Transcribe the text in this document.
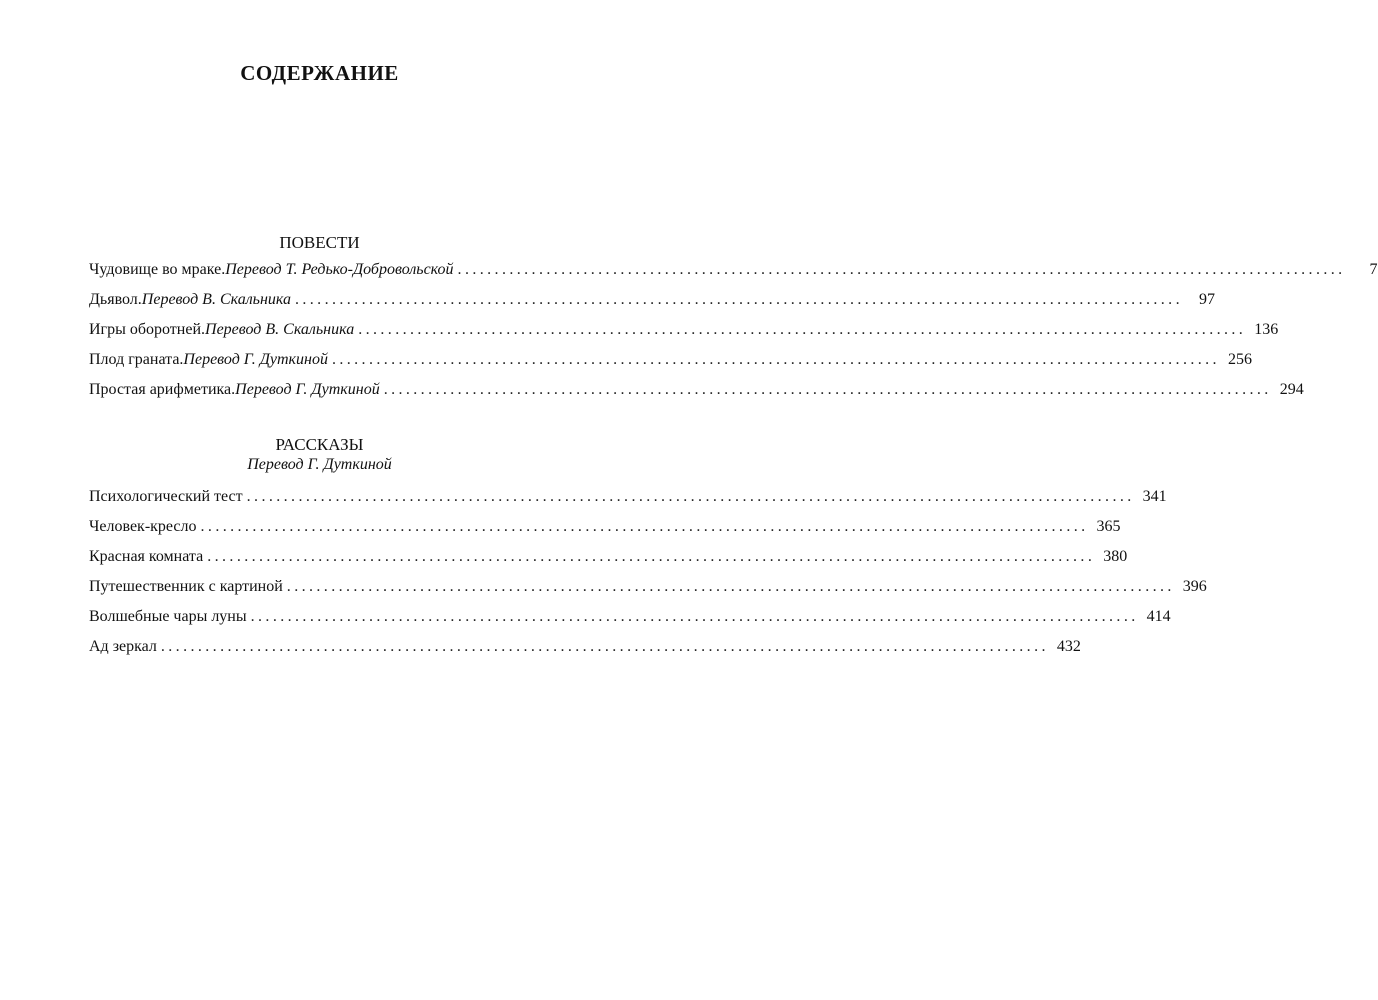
СОДЕРЖАНИЕ
ПОВЕСТИ
Чудовище во мраке. Перевод Т. Редько-Добровольской ........................................................................................................................	7
Дьявол. Перевод В. Скальника ........................................................................................................................	97
Игры оборотней. Перевод В. Скальника ........................................................................................................................ 136
Плод граната. Перевод Г. Дуткиной ........................................................................................................................ 256
Простая арифметика. Перевод Г. Дуткиной ........................................................................................................................ 294
РАССКАЗЫ
Перевод Г. Дуткиной
Психологический тест ........................................................................................................................ 341
Человек-кресло ........................................................................................................................ 365
Красная комната ........................................................................................................................ 380
Путешественник с картиной ........................................................................................................................ 396
Волшебные чары луны ........................................................................................................................ 414
Ад зеркал ........................................................................................................................ 432
